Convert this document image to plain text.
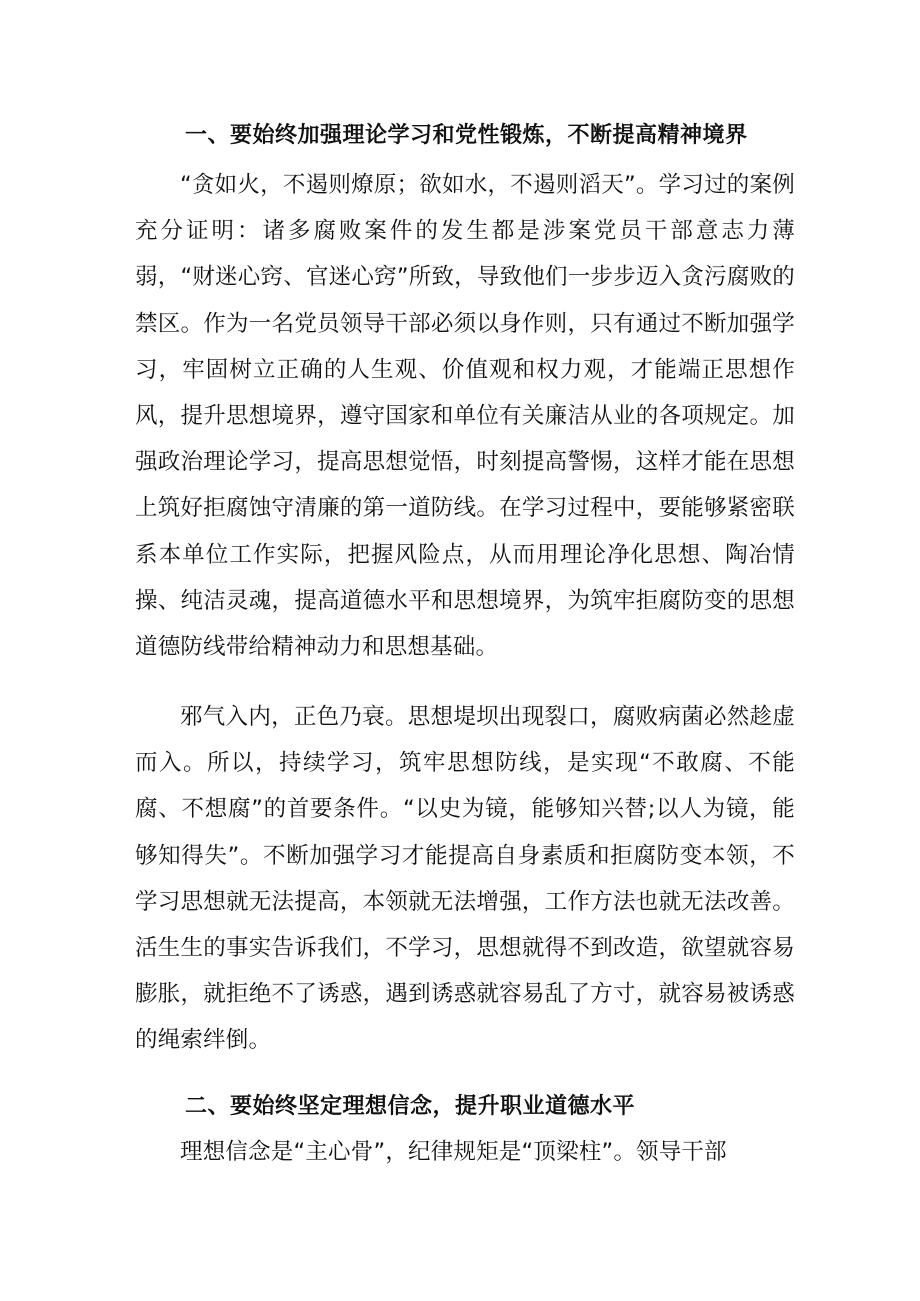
一、要始终加强理论学习和党性锻炼，不断提高精神境界

“贪如火，不遏则燎原；欲如水，不遏则滔天”。学习过的案例充分证明：诸多腐败案件的发生都是涉案党员干部意志力薄弱，“财迷心窍、官迷心窍”所致，导致他们一步步迈入贪污腐败的禁区。作为一名党员领导干部必须以身作则，只有通过不断加强学习，牢固树立正确的人生观、价值观和权力观，才能端正思想作风，提升思想境界，遵守国家和单位有关廉洁从业的各项规定。加强政治理论学习，提高思想觉悟，时刻提高警惕，这样才能在思想上筑好拒腐蚀守清廉的第一道防线。在学习过程中，要能够紧密联系本单位工作实际，把握风险点，从而用理论净化思想、陶冶情操、纯洁灵魂，提高道德水平和思想境界，为筑牢拒腐防变的思想道德防线带给精神动力和思想基础。

邪气入内，正色乃衰。思想堤坝出现裂口，腐败病菌必然趁虚而入。所以，持续学习，筑牢思想防线，是实现“不敢腐、不能腐、不想腐”的首要条件。“以史为镜，能够知兴替;以人为镜，能够知得失”。不断加强学习才能提高自身素质和拒腐防变本领，不学习思想就无法提高，本领就无法增强，工作方法也就无法改善。活生生的事实告诉我们，不学习，思想就得不到改造，欲望就容易膨胀，就拒绝不了诱惑，遇到诱惑就容易乱了方寸，就容易被诱惑的绳索绊倒。

二、要始终坚定理想信念，提升职业道德水平

理想信念是“主心骨”，纪律规矩是“顶梁柱”。领导干部
